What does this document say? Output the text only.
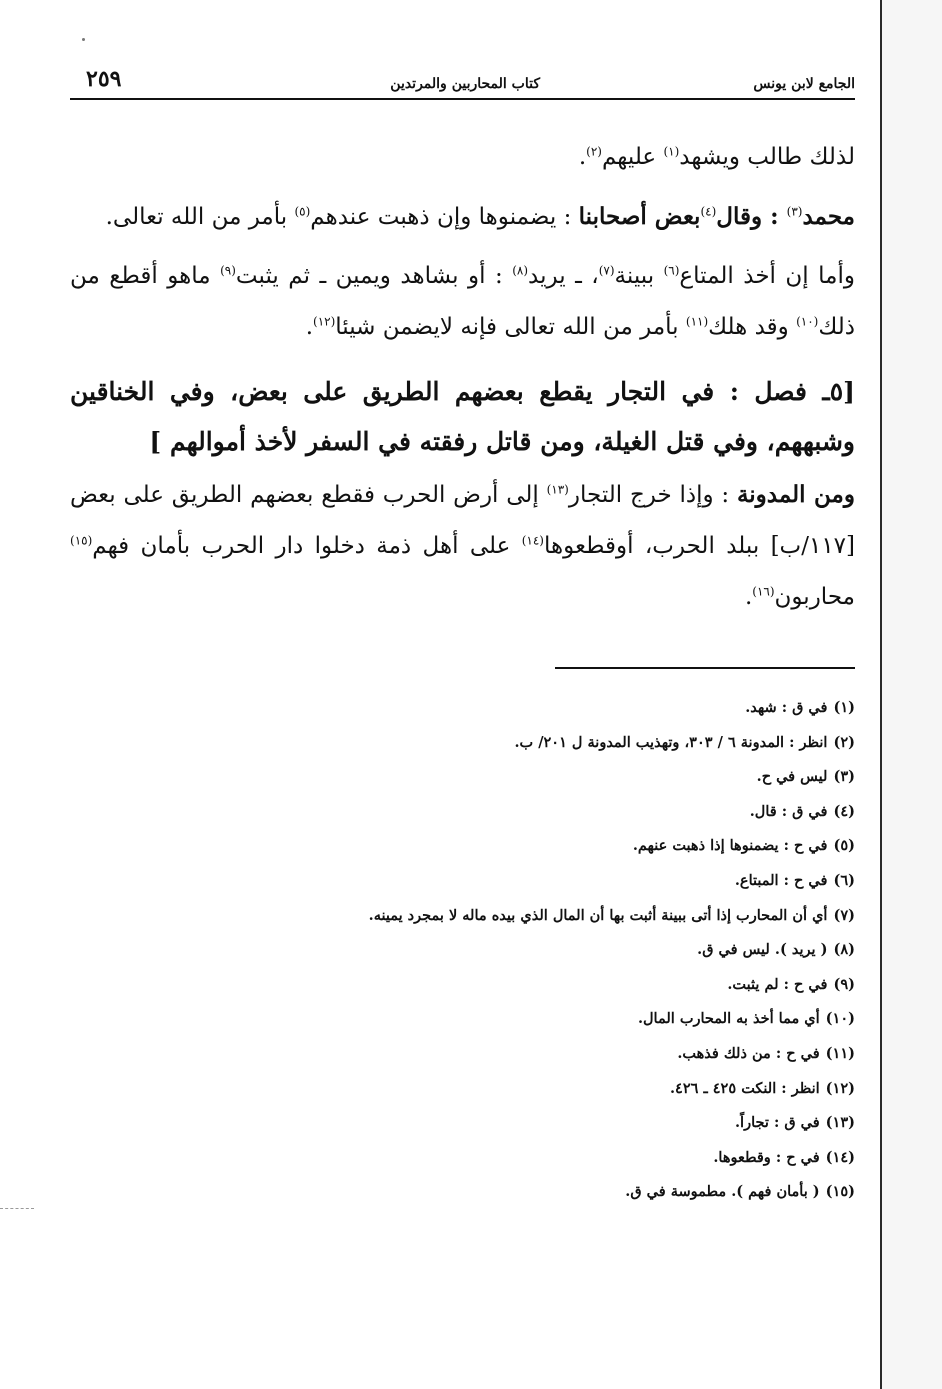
الجامع لابن يونس
كتاب المحاربين والمرتدين
٢٥٩

لذلك طالب ويشهد$^{(١)}$ عليهم$^{(٢)}$.

محمد$^{(٣)}$ : وقال$^{(٤)}$بعض أصحابنا : يضمنوها وإن ذهبت عندهم$^{(٥)}$ بأمر من الله تعالى.

وأما إن أخذ المتاع$^{(٦)}$ ببينة$^{(٧)}$، ـ يريد$^{(٨)}$ : أو بشاهد ويمين ـ ثم يثبت$^{(٩)}$ ماهو أقطع من ذلك$^{(١٠)}$ وقد هلك$^{(١١)}$ بأمر من الله تعالى فإنه لايضمن شيئا$^{(١٢)}$.

[٥ـ فصل : في التجار يقطع بعضهم الطريق على بعض، وفي الخناقين وشبههم، وفي قتل الغيلة، ومن قاتل رفقته في السفر لأخذ أموالهم ]

ومن المدونة : وإذا خرج التجار$^{(١٣)}$ إلى أرض الحرب فقطع بعضهم الطريق على بعض [١١٧/ب] ببلد الحرب، أوقطعوها$^{(١٤)}$ على أهل ذمة دخلوا دار الحرب بأمان فهم$^{(١٥)}$ محاربون$^{(١٦)}$.

(١)في ق : شهد.
(٢)انظر : المدونة ٦ / ٣٠٣، وتهذيب المدونة ل ٢٠١/ ب.
(٣)ليس في ح.
(٤)في ق : قال.
(٥)في ح : يضمنوها إذا ذهبت عنهم.
(٦)في ح : المبتاع.
(٧)أي أن المحارب إذا أتى ببينة أثبت بها أن المال الذي بيده ماله لا بمجرد يمينه.
(٨)( يريد ). ليس في ق.
(٩)في ح : لم يثبت.
(١٠)أي مما أخذ به المحارب المال.
(١١)في ح : من ذلك فذهب.
(١٢)انظر : النكت ٤٢٥ ـ ٤٢٦.
(١٣)في ق : تجاراً.
(١٤)في ح : وقطعوها.
(١٥)( بأمان فهم ). مطموسة في ق.
